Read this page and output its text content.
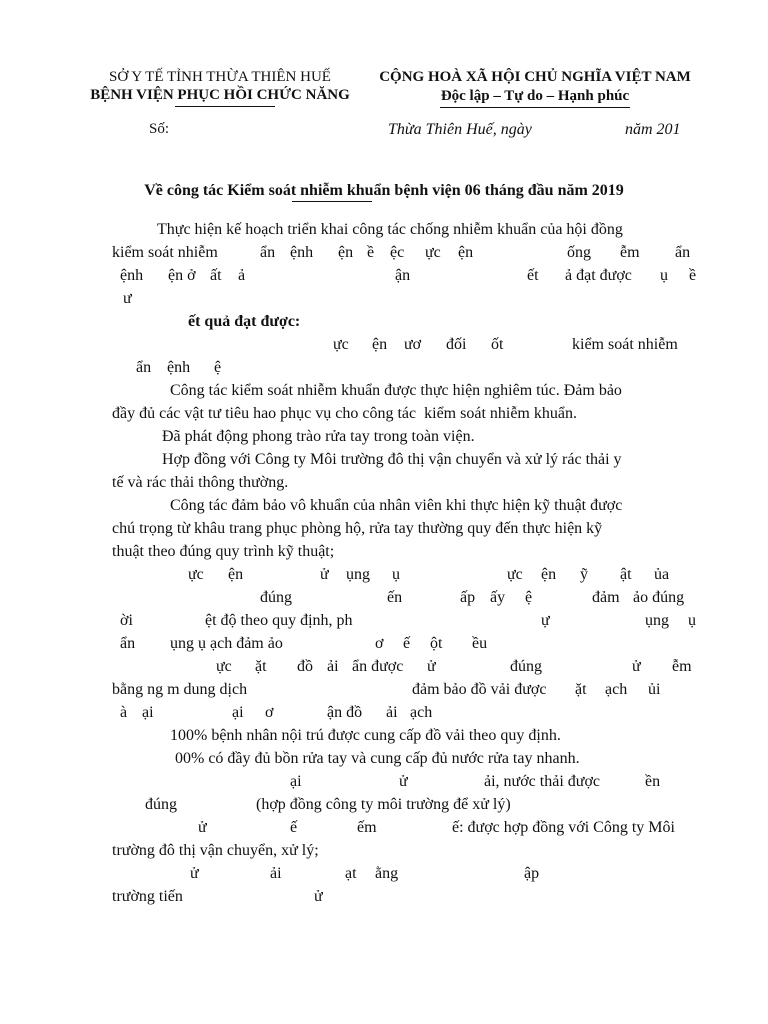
SỞ Y TẾ TỈNH THỪA THIÊN HUẾ
BỆNH VIỆN PHỤC HỒI CHỨC NĂNG
CỘNG HOÀ XÃ HỘI CHỦ NGHĨA VIỆT NAM
Độc lập – Tự do – Hạnh phúc
Số:	Thừa Thiên Huế, ngày	năm 201
Về công tác Kiểm soát nhiễm khuẩn bệnh viện 06 tháng đầu năm 2019
Thực hiện kế hoạch triển khai công tác chống nhiễm khuẩn của hội đồng
kiểm soát nhiễm	ẩn ệnh ện ề ệc ực ện	ống ễm ẩn
ệnh ện ở ất ả	ận	ết ả đạt được ụ ề
ư
ết quả đạt được:
ực ện ươ đối ốt	kiểm soát nhiễm
ẩn ệnh ệ
Công tác kiểm soát nhiễm khuẩn được thực hiện nghiêm túc. Đảm bảo
đầy đủ các vật tư tiêu hao phục vụ cho công tác  kiểm soát nhiễm khuẩn.
Đã phát động phong trào rửa tay trong toàn viện.
Hợp đồng với Công ty Môi trường đô thị vận chuyển và xử lý rác thải y
tế và rác thải thông thường.
Công tác đảm bảo vô khuẩn của nhân viên khi thực hiện kỹ thuật được
chú trọng từ khâu trang phục phòng hộ, rửa tay thường quy đến thực hiện kỹ
thuật theo đúng quy trình kỹ thuật;
ực ện	ử ụng ụ	ực ện ỹ ật ủa
đúng	ến	ấp ấy ệ	đảm ảo đúng
ời	ệt độ theo quy định, ph	ự	ụng ụ
ẩn ụng ụ ạch đảm ảo	ơ ế ột ều
ực ặt đồ ải ẩn được ử	đúng	ử ễm
bằng ng m dung dịch	đảm bảo đồ vải được ặt ạch ủi
à ại	ại ơ	ận đồ ải ạch
100% bệnh nhân nội trú được cung cấp đồ vải theo quy định.
00% có đầy đủ bồn rửa tay và cung cấp đủ nước rửa tay nhanh.
ại	ử	ải, nước thải được	ền
đúng	(hợp đồng công ty môi trường để xử lý)
ử	ế	ếm	ế: được hợp đồng với Công ty Môi
trường đô thị vận chuyển, xử lý;
ử	ải	ạt ằng	ập
trường tiến	ử
